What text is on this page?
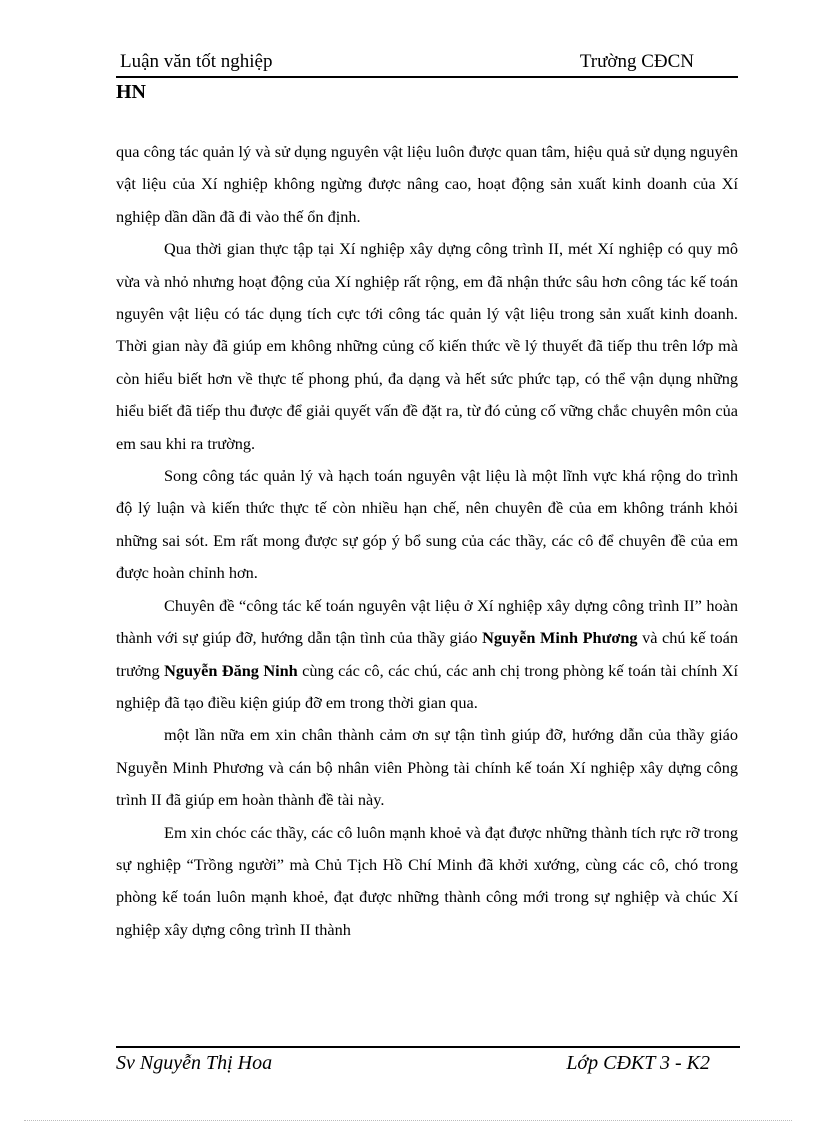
Luận văn tốt nghiệp	Trường CĐCN
HN

qua công tác quản lý và sử dụng nguyên vật liệu luôn được quan tâm, hiệu quả sử dụng nguyên vật liệu của Xí nghiệp không ngừng được nâng cao, hoạt động sản xuất kinh doanh của Xí nghiệp dần dần đã đi vào thế ổn định.

Qua thời gian thực tập tại Xí nghiệp xây dựng công trình II, mét Xí nghiệp có quy mô vừa và nhỏ nhưng hoạt động của Xí nghiệp rất rộng, em đã nhận thức sâu hơn công tác kế toán nguyên vật liệu có tác dụng tích cực tới công tác quản lý vật liệu trong sản xuất kinh doanh. Thời gian này đã giúp em không những củng cố kiến thức về lý thuyết đã tiếp thu trên lớp mà còn hiểu biết hơn về thực tế phong phú, đa dạng và hết sức phức tạp, có thể vận dụng những hiểu biết đã tiếp thu được để giải quyết vấn đề đặt ra, từ đó củng cố vững chắc chuyên môn của em sau khi ra trường.

Song công tác quản lý và hạch toán nguyên vật liệu là một lĩnh vực khá rộng do trình độ lý luận và kiến thức thực tế còn nhiều hạn chế, nên chuyên đề của em không tránh khỏi những sai sót. Em rất mong được sự góp ý bổ sung của các thầy, các cô để chuyên đề của em được hoàn chỉnh hơn.

Chuyên đề “công tác kế toán nguyên vật liệu ở Xí nghiệp xây dựng công trình II” hoàn thành với sự giúp đỡ, hướng dẫn tận tình của thầy giáo Nguyễn Minh Phương và chú kế toán trưởng Nguyễn Đăng Ninh cùng các cô, các chú, các anh chị trong phòng kế toán tài chính Xí nghiệp đã tạo điều kiện giúp đỡ em trong thời gian qua.

một lần nữa em xin chân thành cảm ơn sự tận tình giúp đỡ, hướng dẫn của thầy giáo Nguyễn Minh Phương và cán bộ nhân viên Phòng tài chính kế toán Xí nghiệp xây dựng công trình II đã giúp em hoàn thành đề tài này.

Em xin chóc các thầy, các cô luôn mạnh khoẻ và đạt được những thành tích rực rỡ trong sự nghiệp “Trồng người” mà Chủ Tịch Hồ Chí Minh đã khởi xướng, cùng các cô, chó trong phòng kế toán luôn mạnh khoẻ, đạt được những thành công mới trong sự nghiệp và chúc Xí nghiệp xây dựng công trình II thành

Sv Nguyễn Thị Hoa	Lớp CĐKT 3 - K2
